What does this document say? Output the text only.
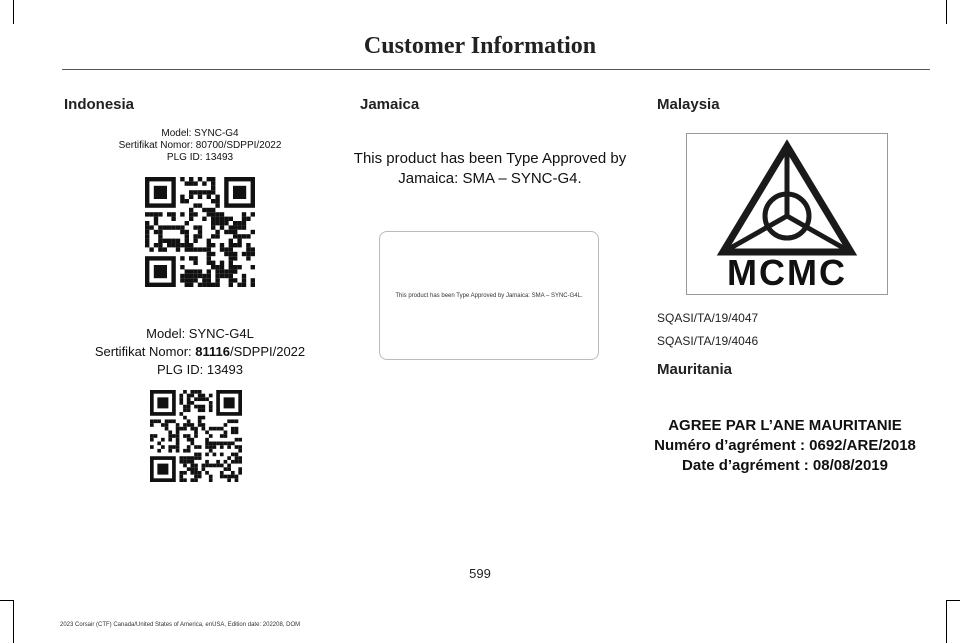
Customer Information
Indonesia
Model: SYNC-G4
Sertifikat Nomor: 80700/SDPPI/2022
PLG ID: 13493
Model: SYNC-G4L
Sertifikat Nomor: 81116/SDPPI/2022
PLG ID: 13493
Jamaica
This product has been Type Approved by
Jamaica: SMA – SYNC-G4.
This product has been Type Approved by Jamaica: SMA – SYNC-G4L.
Malaysia
MCMC
SQASI/TA/19/4047
SQASI/TA/19/4046
Mauritania
AGREE PAR L’ANE MAURITANIE
Numéro d’agrément : 0692/ARE/2018
Date d’agrément : 08/08/2019
599
2023 Corsair (CTF) Canada/United States of America, enUSA, Edition date: 202208, DOM
